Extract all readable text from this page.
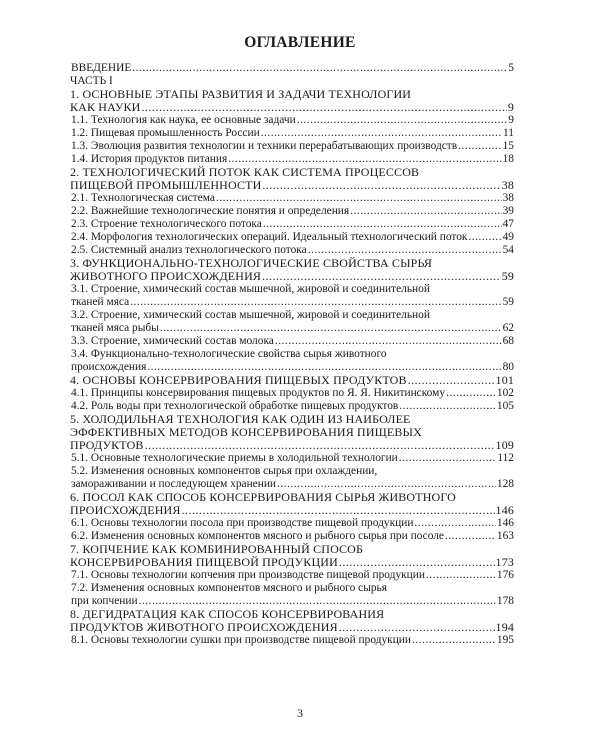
ОГЛАВЛЕНИЕ
ВВЕДЕНИЕ .....	5
ЧАСТЬ I
1. ОСНОВНЫЕ ЭТАПЫ РАЗВИТИЯ И ЗАДАЧИ ТЕХНОЛОГИИ
КАК НАУКИ .....	9
1.1. Технология как наука, ее основные задачи .....	9
1.2. Пищевая промышленность России .....	11
1.3. Эволюция развития технологии и техники перерабатывающих производств .....	15
1.4. История продуктов питания .....	18
2. ТЕХНОЛОГИЧЕСКИЙ ПОТОК КАК СИСТЕМА ПРОЦЕССОВ
ПИЩЕВОЙ ПРОМЫШЛЕННОСТИ .....	38
2.1. Технологическая система .....	38
2.2. Важнейшие технологические понятия и определения .....	39
2.3. Строение технологического потока .....	47
2.4. Морфология технологических операций. Идеальный тtехнологический поток .....	49
2.5. Системный анализ технологического потока .....	54
3. ФУНКЦИОНАЛЬНО-ТЕХНОЛОГИЧЕСКИЕ СВОЙСТВА СЫРЬЯ
ЖИВОТНОГО ПРОИСХОЖДЕНИЯ .....	59
3.1. Строение, химический состав мышечной, жировой и соединительной
тканей мяса .....	59
3.2. Строение, химический состав мышечной, жировой и соединительной
тканей мяса рыбы .....	62
3.3. Строение, химический состав молока .....	68
3.4. Функционально-технологические свойства сырья животного
происхождения .....	80
4. ОСНОВЫ КОНСЕРВИРОВАНИЯ ПИЩЕВЫХ ПРОДУКТОВ .....	101
4.1. Принципы консервирования пищевых продуктов по Я. Я. Никитинскому .....	102
4.2. Роль воды при технологической обработке пищевых продуктов .....	105
5. ХОЛОДИЛЬНАЯ ТЕХНОЛОГИЯ КАК ОДИН ИЗ НАИБОЛЕЕ
ЭФФЕКТИВНЫХ МЕТОДОВ КОНСЕРВИРОВАНИЯ ПИЩЕВЫХ
ПРОДУКТОВ .....	109
5.1. Основные технологические приемы в холодильной технологии .....	112
5.2. Изменения основных компонентов сырья при охлаждении,
замораживании и последующем хранении .....	128
6. ПОСОЛ КАК СПОСОБ КОНСЕРВИРОВАНИЯ СЫРЬЯ ЖИВОТНОГО
ПРОИСХОЖДЕНИЯ .....	146
6.1. Основы технологии посола при производстве пищевой продукции .....	146
6.2. Изменения основных компонентов мясного и рыбного сырья при посоле .....	163
7. КОПЧЕНИЕ КАК КОМБИНИРОВАННЫЙ СПОСОБ
КОНСЕРВИРОВАНИЯ ПИЩЕВОЙ ПРОДУКЦИИ .....	173
7.1. Основы технологии копчения при производстве пищевой продукции .....	176
7.2. Изменения основных компонентов мясного и рыбного сырья
при копчении .....	178
8. ДЕГИДРАТАЦИЯ КАК СПОСОБ КОНСЕРВИРОВАНИЯ
ПРОДУКТОВ ЖИВОТНОГО ПРОИСХОЖДЕНИЯ .....	194
8.1. Основы технологии сушки при производстве пищевой продукции .....	195
3
